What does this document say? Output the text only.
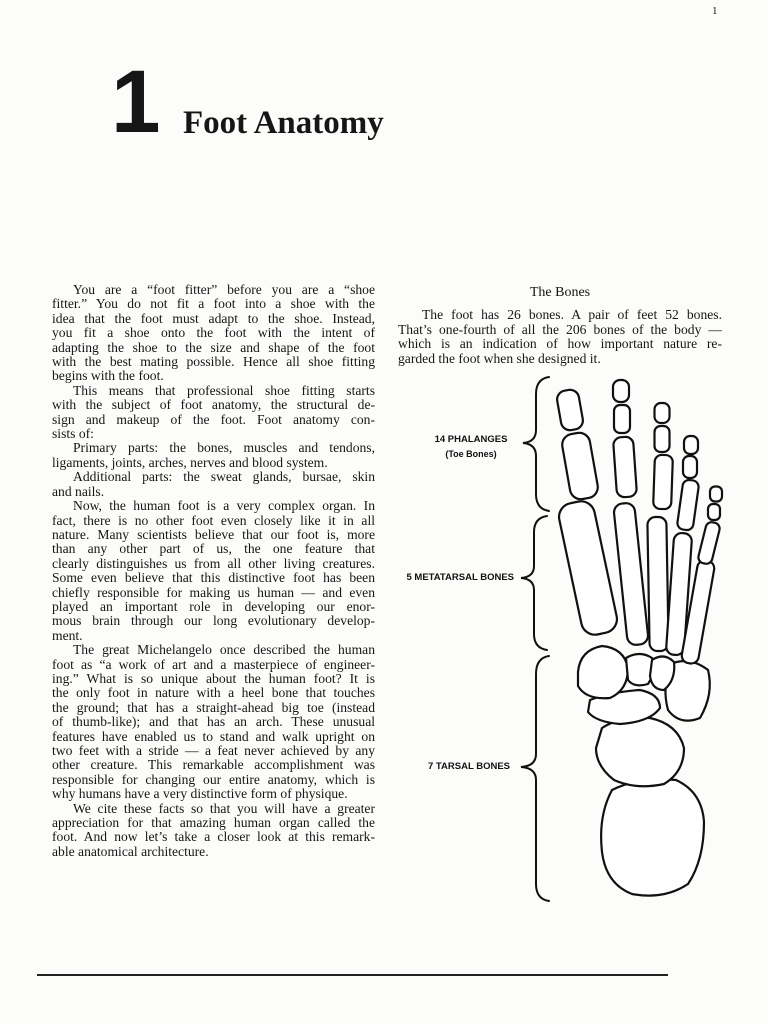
1
1 Foot Anatomy
You are a “foot fitter” before you are a “shoe
fitter.” You do not fit a foot into a shoe with the
idea that the foot must adapt to the shoe. Instead,
you fit a shoe onto the foot with the intent of
adapting the shoe to the size and shape of the foot
with the best mating possible. Hence all shoe fitting
begins with the foot.
This means that professional shoe fitting starts
with the subject of foot anatomy, the structural de-
sign and makeup of the foot. Foot anatomy con-
sists of:
Primary parts: the bones, muscles and tendons,
ligaments, joints, arches, nerves and blood system.
Additional parts: the sweat glands, bursae, skin
and nails.
Now, the human foot is a very complex organ. In
fact, there is no other foot even closely like it in all
nature. Many scientists believe that our foot is, more
than any other part of us, the one feature that
clearly distinguishes us from all other living creatures.
Some even believe that this distinctive foot has been
chiefly responsible for making us human — and even
played an important role in developing our enor-
mous brain through our long evolutionary develop-
ment.
The great Michelangelo once described the human
foot as “a work of art and a masterpiece of engineer-
ing.” What is so unique about the human foot? It is
the only foot in nature with a heel bone that touches
the ground; that has a straight-ahead big toe (instead
of thumb-like); and that has an arch. These unusual
features have enabled us to stand and walk upright on
two feet with a stride — a feat never achieved by any
other creature. This remarkable accomplishment was
responsible for changing our entire anatomy, which is
why humans have a very distinctive form of physique.
We cite these facts so that you will have a greater
appreciation for that amazing human organ called the
foot. And now let’s take a closer look at this remark-
able anatomical architecture.
The Bones
The foot has 26 bones. A pair of feet 52 bones.
That’s one-fourth of all the 206 bones of the body —
which is an indication of how important nature re-
garded the foot when she designed it.
14 PHALANGES
(Toe Bones)
5 METATARSAL BONES
7 TARSAL BONES
